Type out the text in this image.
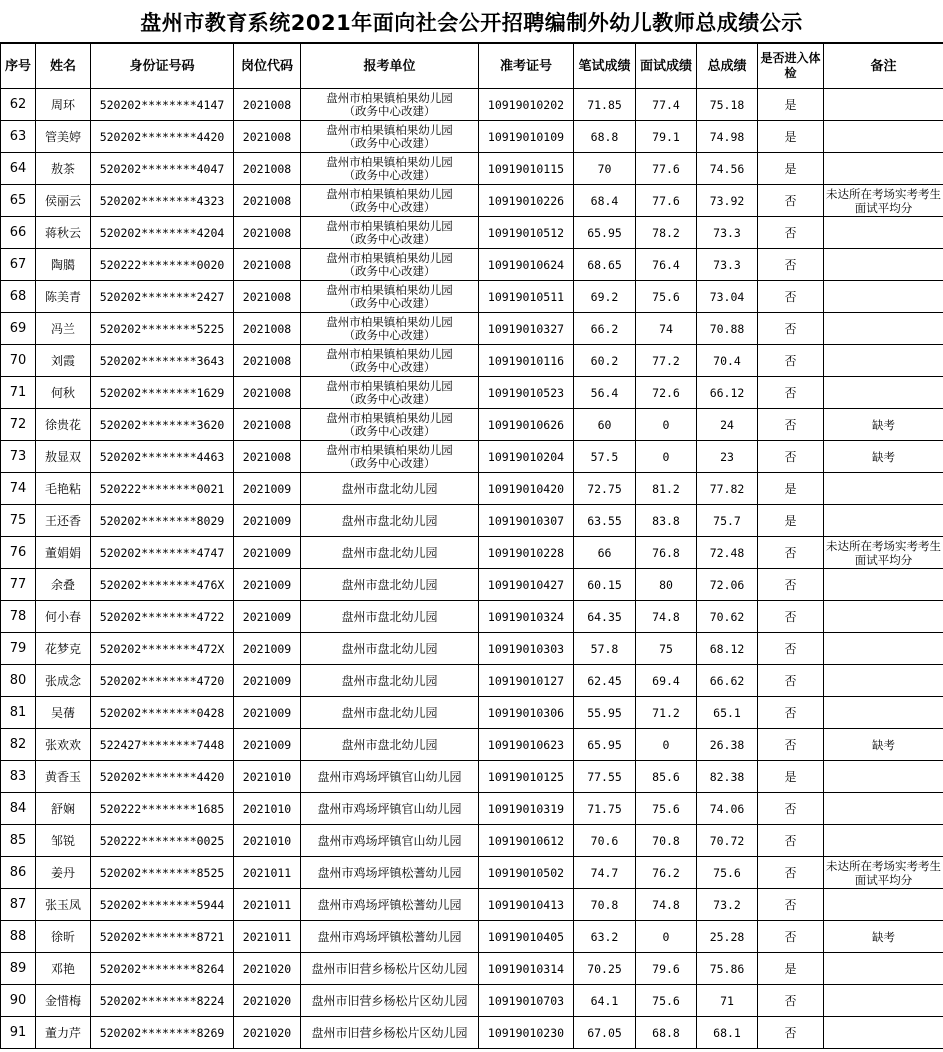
盘州市教育系统2021年面向社会公开招聘编制外幼儿教师总成绩公示
序号	姓名	身份证号码	岗位代码	报考单位	准考证号	笔试成绩	面试成绩	总成绩	是否进入体检	备注
62	周环	520202********4147	2021008	盘州市柏果镇柏果幼儿园
（政务中心改建）	10919010202	71.85	77.4	75.18	是	
63	管美婷	520202********4420	2021008	盘州市柏果镇柏果幼儿园
（政务中心改建）	10919010109	68.8	79.1	74.98	是	
64	敖茶	520202********4047	2021008	盘州市柏果镇柏果幼儿园
（政务中心改建）	10919010115	70	77.6	74.56	是	
65	侯丽云	520202********4323	2021008	盘州市柏果镇柏果幼儿园
（政务中心改建）	10919010226	68.4	77.6	73.92	否	未达所在考场实考考生面试平均分
66	蒋秋云	520202********4204	2021008	盘州市柏果镇柏果幼儿园
（政务中心改建）	10919010512	65.95	78.2	73.3	否	
67	陶臈	520222********0020	2021008	盘州市柏果镇柏果幼儿园
（政务中心改建）	10919010624	68.65	76.4	73.3	否	
68	陈美青	520202********2427	2021008	盘州市柏果镇柏果幼儿园
（政务中心改建）	10919010511	69.2	75.6	73.04	否	
69	冯兰	520202********5225	2021008	盘州市柏果镇柏果幼儿园
（政务中心改建）	10919010327	66.2	74	70.88	否	
70	刘霞	520202********3643	2021008	盘州市柏果镇柏果幼儿园
（政务中心改建）	10919010116	60.2	77.2	70.4	否	
71	何秋	520202********1629	2021008	盘州市柏果镇柏果幼儿园
（政务中心改建）	10919010523	56.4	72.6	66.12	否	
72	徐贵花	520202********3620	2021008	盘州市柏果镇柏果幼儿园
（政务中心改建）	10919010626	60	0	24	否	缺考
73	敖显双	520202********4463	2021008	盘州市柏果镇柏果幼儿园
（政务中心改建）	10919010204	57.5	0	23	否	缺考
74	毛艳粘	520222********0021	2021009	盘州市盘北幼儿园	10919010420	72.75	81.2	77.82	是	
75	王还香	520202********8029	2021009	盘州市盘北幼儿园	10919010307	63.55	83.8	75.7	是	
76	董娟娟	520202********4747	2021009	盘州市盘北幼儿园	10919010228	66	76.8	72.48	否	未达所在考场实考考生面试平均分
77	余叠	520202********476X	2021009	盘州市盘北幼儿园	10919010427	60.15	80	72.06	否	
78	何小春	520202********4722	2021009	盘州市盘北幼儿园	10919010324	64.35	74.8	70.62	否	
79	花梦克	520202********472X	2021009	盘州市盘北幼儿园	10919010303	57.8	75	68.12	否	
80	张成念	520202********4720	2021009	盘州市盘北幼儿园	10919010127	62.45	69.4	66.62	否	
81	吴蒨	520202********0428	2021009	盘州市盘北幼儿园	10919010306	55.95	71.2	65.1	否	
82	张欢欢	522427********7448	2021009	盘州市盘北幼儿园	10919010623	65.95	0	26.38	否	缺考
83	黄香玉	520202********4420	2021010	盘州市鸡场坪镇官山幼儿园	10919010125	77.55	85.6	82.38	是	
84	舒娴	520222********1685	2021010	盘州市鸡场坪镇官山幼儿园	10919010319	71.75	75.6	74.06	否	
85	邹锐	520222********0025	2021010	盘州市鸡场坪镇官山幼儿园	10919010612	70.6	70.8	70.72	否	
86	姜丹	520202********8525	2021011	盘州市鸡场坪镇松蓍幼儿园	10919010502	74.7	76.2	75.6	否	未达所在考场实考考生面试平均分
87	张玉凤	520202********5944	2021011	盘州市鸡场坪镇松蓍幼儿园	10919010413	70.8	74.8	73.2	否	
88	徐昕	520202********8721	2021011	盘州市鸡场坪镇松蓍幼儿园	10919010405	63.2	0	25.28	否	缺考
89	邓艳	520202********8264	2021020	盘州市旧营乡杨松片区幼儿园	10919010314	70.25	79.6	75.86	是	
90	金惜梅	520202********8224	2021020	盘州市旧营乡杨松片区幼儿园	10919010703	64.1	75.6	71	否	
91	董力芹	520202********8269	2021020	盘州市旧营乡杨松片区幼儿园	10919010230	67.05	68.8	68.1	否	
